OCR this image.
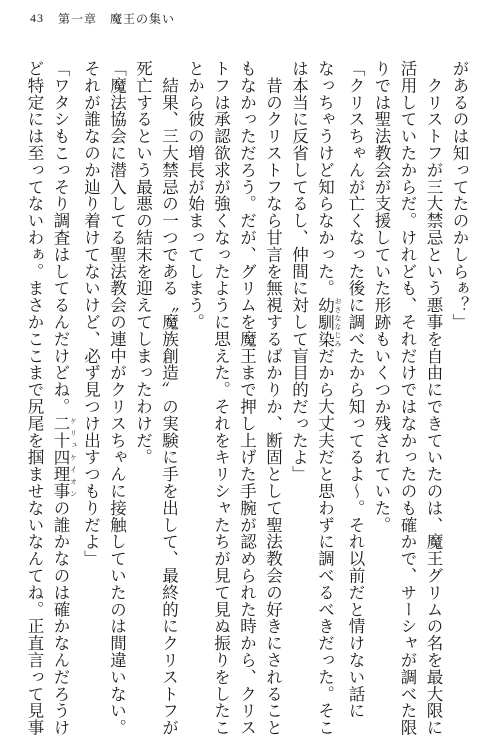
43 第一章　魔王の集い
があるのは知ってたのかしらぁ？」
　クリストフが三大禁忌という悪事を自由にできていたのは、魔王グリムの名を最大限に
活用していたからだ。けれども、それだけではなかったのも確かで、サーシャが調べた限
りでは聖法教会が支援していた形跡もいくつか残されていた。
「クリスちゃんが亡くなった後に調べたから知ってるよ〜。それ以前だと情けない話に
なっちゃうけど知らなかった。幼馴染 おさななじみだから大丈夫だと思わずに調べるべきだった。そこ
は本当に反省してるし、仲間に対して盲目的だったよ」
　昔のクリストフなら甘言を無視するばかりか、断固として聖法教会の好きにされること
もなかっただろう。だが、グリムを魔王まで押し上げた手腕が認められた時から、クリス
トフは承認欲求が強くなったように思えた。それをキリシャたちが見て見ぬ振りをしたこ
とから彼の増長が始まってしまう。
　結果、三大禁忌の一つである〝魔族創造〟の実験に手を出して、最終的にクリストフが
死亡するという最悪の結末を迎えてしまったわけだ。
「魔法協会に潜入してる聖法教会の連中がクリスちゃんに接触していたのは間違いない。
それが誰なのか辿り着けてないけど、必ず見つけ出すつもりだよ」
「ワタシもこっそり調査はしてるんだけどね。二十四理事 ケリュケイオンの誰かなのは確かなんだろうけ
ど特定には至ってないわぁ。まさかここまで尻尾を掴ませないなんてね。正直言って見事
